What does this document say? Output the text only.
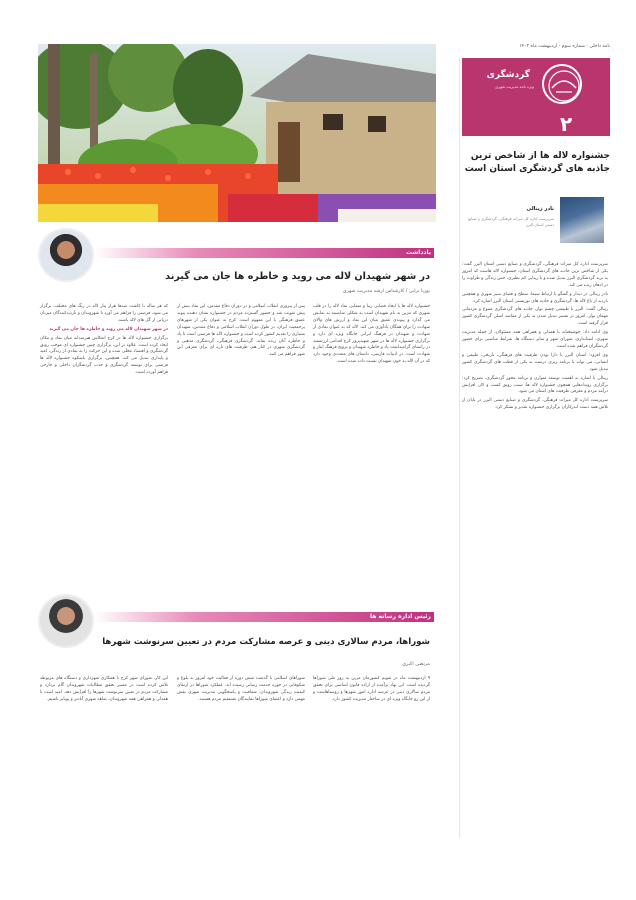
نامه داخلی - شماره سوم - اردیبهشت ماه ۱۴۰۲
گردشگری
ویژه نامه مدیریت شهری
۲
جشنواره لاله ها از شاخص ترین جاذبه های گردشگری استان است
نادر زینالی
سرپرست اداره کل میراث فرهنگی، گردشگری و صنایع دستی استان البرز

سرپرست اداره کل میراث فرهنگی، گردشگری و صنایع دستی استان البرز گفت: یکی از شاخص ترین جاذبه های گردشگری استان، جشنواره لاله هاست که امروز به برند گردشگری البرز تبدیل شده و با زیبایی کم نظیری، حس زندگی و طراوت را در اذهان زنده می کند.

نادر زینالی در دیدار و گفتگو با ارتباط سیما، سطح و فضای سبز شهری و همچنین بازدید از باغ لاله ها، گردشگری و جاذبه های توریستی استان البرز اشاره کرد.

زینالی گفت: البرز با طبیعتی چشم نواز، جاذبه های گردشگری متنوع و مردمانی مهمان نواز، امروز در مسیر تبدیل شدن به یکی از مقاصد اصلی گردشگری کشور قرار گرفته است.

وی ادامه داد: خوشبختانه با همدلی و همراهی همه مسئولان، از جمله مدیریت شهری، استانداری، شورای شهر و سایر دستگاه ها، شرایط مناسبی برای حضور گردشگران فراهم شده است.

وی افزود: استان البرز با دارا بودن ظرفیت های فرهنگی، تاریخی، طبیعی و انسانی، می تواند با برنامه ریزی درست به یکی از قطب های گردشگری کشور تبدیل شود.

زینالی با اشاره به اهمیت توسعه متوازن و برنامه محور گردشگری، تصریح کرد: برگزاری رویدادهایی همچون جشنواره لاله ها، سبب رونق کسب و کار، افزایش درآمد مردم و معرفی ظرفیت های استان می شود.

سرپرست اداره کل میراث فرهنگی، گردشگری و صنایع دستی البرز در پایان از تلاش همه دست اندرکاران برگزاری جشنواره تقدیر و تشکر کرد.

یادداشت
در شهر شهیدان لاله می روید و خاطره ها جان می گیرند
پوریا ترابی / کارشناس ارشد مدیریت شهری

جشنواره لاله ها با ایجاد فضایی زیبا و متمایز، نماد لاله را در قلب شهری که مزین به نام شهیدان است به شکلی شایسته به نمایش می گذارد و پیوندی عمیق میان این نماد و ارزش های والای شهادت را برای همگان یادآوری می کند. لاله که به عنوان نمادی از شهادت و شهیدان در فرهنگ ایرانی جایگاه ویژه ای دارد و برگزاری جشنواره لاله ها در شهر شهیدپرور کرج اقدامی ارزشمند در راستای گرامیداشت یاد و خاطره شهیدان و ترویج فرهنگ ایثار و شهادت است. در ادبیات فارسی، داستان های متعددی وجود دارد که در آن لاله به خون شهیدان نسبت داده شده است.

پس از پیروزی انقلاب اسلامی و در دوران دفاع مقدس، این نماد بیش از پیش تقویت شد و حضور گسترده مردم در جشنواره نشان دهنده پیوند عمیق فرهنگی با این مفهوم است. کرج به عنوان یکی از شهرهای پرجمعیت ایران، در طول دوران انقلاب اسلامی و دفاع مقدس، شهیدان بسیاری را تقدیم کشور کرده است و جشنواره لاله ها فرصتی است تا یاد و خاطره آنان زنده بماند. گردشگری فرهنگی، گردشگری مذهبی و گردشگری شهری در کنار هم، ظرفیت های تازه ای برای معرفی این شهر فراهم می کنند.

که هر ساله با کاشت صدها هزار پیاز لاله در رنگ های مختلف، برگزار می شود، فرصتی را فراهم می آورد تا شهروندان و بازدیدکنندگان میزبان دریایی از گل های لاله باشند.

در شهر شهیدان لاله می روید و خاطره ها جان می گیرند

برگزاری جشنواره لاله ها در کرج انعکاس هنرمندانه میان نماد و مکان ایجاد کرده است. علاوه بر این، برگزاری چنین جشنواره ای موجب رونق گردشگری و اقتصاد محلی شده و این حرکت را به نمادی از زندگی، امید و پایداری تبدیل می کند. همچنین، برگزاری باشکوه جشنواره لاله ها فرصتی برای توسعه گردشگری و جذب گردشگران داخلی و خارجی فراهم آورده است.

رئیس اداره رسانه ها
شوراها، مردم سالاری دینی و عرصه مشارکت مردم در تعیین سرنوشت شهرها
مرتضی اکبری

۹ اردیبهشت ماه در تقویم کشورمان مزین به روز ملی شوراها گردیده است. این نهاد برآمده از اراده قانون اساسی برای تحقق مردم سالاری دینی در عرصه اداره امور شهرها و روستاهاست و از این رو جایگاه ویژه ای در ساختار مدیریت کشور دارد.

شوراهای اسلامی با گذشت شش دوره از فعالیت خود امروز به بلوغ و شکوفایی در حوزه خدمت رسانی رسیده اند. عملکرد شوراها در ارتقای کیفیت زندگی شهروندان، شفافیت و پاسخگویی مدیریت شهری نقش مهمی دارد و اعضای شوراها نمایندگان مستقیم مردم هستند.

این کار، شورای شهر کرج با همکاری شهرداری و دستگاه های مربوطه تلاش کرده است در مسیر تحقق مطالبات شهروندان گام بردارد و مشارکت مردم در تعیین سرنوشت شهرها را افزایش دهد. امید است با همدلی و همراهی همه شهروندان، شاهد شهری آبادتر و پویاتر باشیم.
